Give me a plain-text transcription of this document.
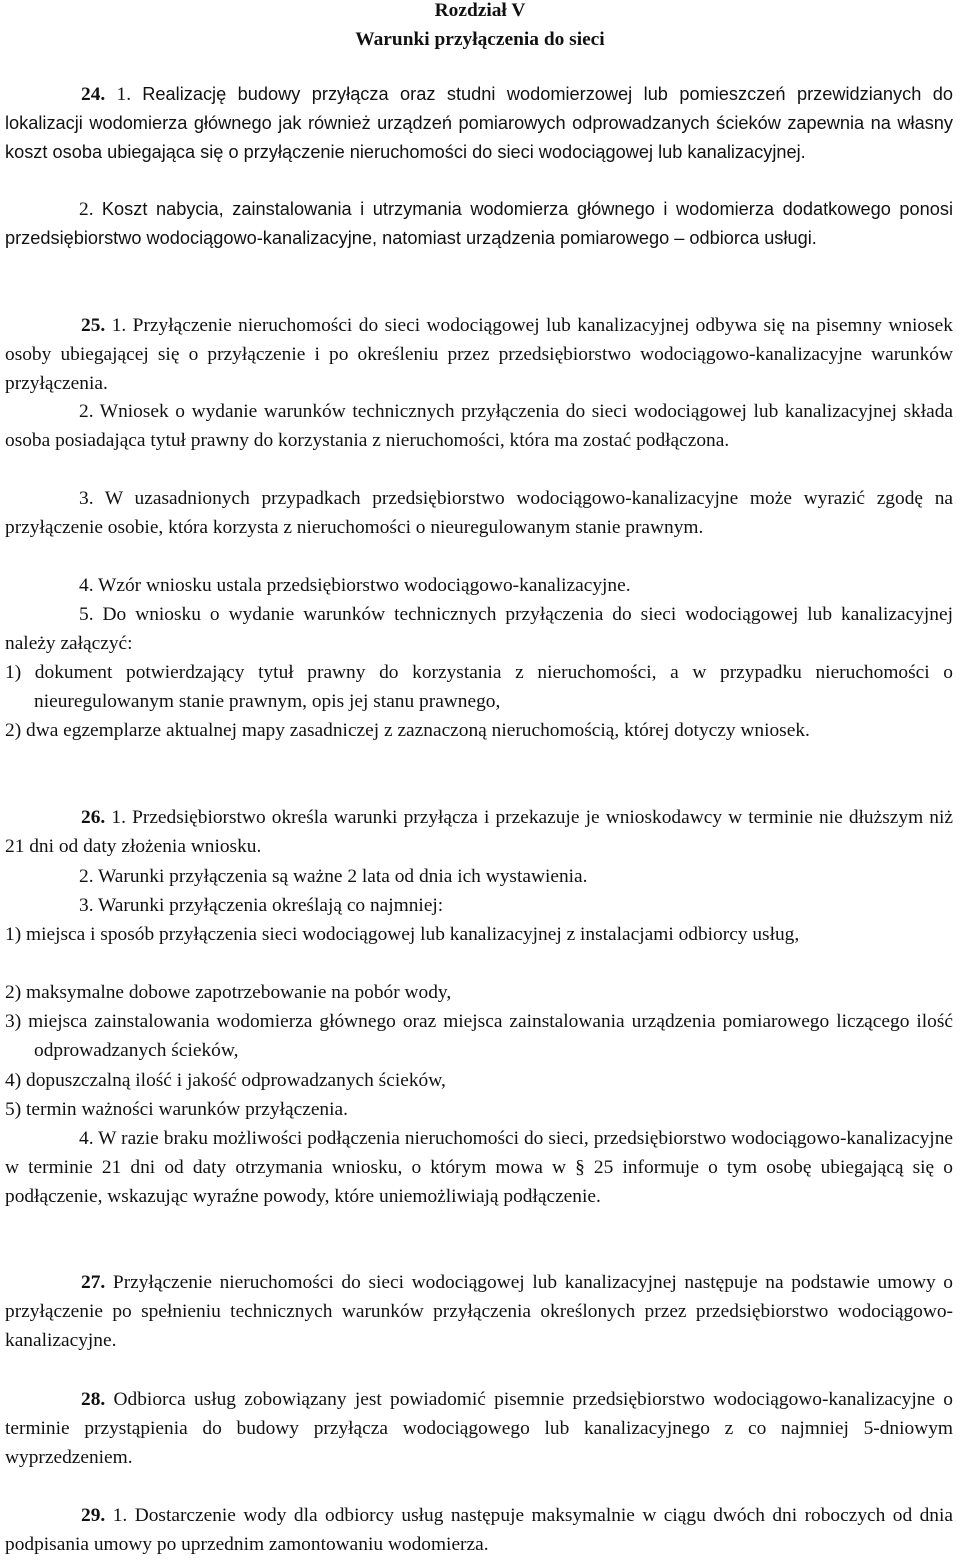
Rozdział V

Warunki przyłączenia do sieci

24. 1. Realizację budowy przyłącza oraz studni wodomierzowej lub pomieszczeń przewidzianych do lokalizacji wodomierza głównego jak również urządzeń pomiarowych odprowadzanych ścieków zapewnia na własny koszt osoba ubiegająca się o przyłączenie nieruchomości do sieci wodociągowej lub kanalizacyjnej.

2. Koszt nabycia, zainstalowania i utrzymania wodomierza głównego i wodomierza dodatkowego ponosi przedsiębiorstwo wodociągowo-kanalizacyjne, natomiast urządzenia pomiarowego – odbiorca usługi.

25. 1. Przyłączenie nieruchomości do sieci wodociągowej lub kanalizacyjnej odbywa się na pisemny wniosek osoby ubiegającej się o przyłączenie i po określeniu przez przedsiębiorstwo wodociągowo-kanalizacyjne warunków przyłączenia.

2. Wniosek o wydanie warunków technicznych przyłączenia do sieci wodociągowej lub kanalizacyjnej składa osoba posiadająca tytuł prawny do korzystania z nieruchomości, która ma zostać podłączona.

3. W uzasadnionych przypadkach przedsiębiorstwo wodociągowo-kanalizacyjne może wyrazić zgodę na przyłączenie osobie, która korzysta z nieruchomości o nieuregulowanym stanie prawnym.

4. Wzór wniosku ustala przedsiębiorstwo wodociągowo-kanalizacyjne.

5. Do wniosku o wydanie warunków technicznych przyłączenia do sieci wodociągowej lub kanalizacyjnej należy załączyć:

1) dokument potwierdzający tytuł prawny do korzystania z nieruchomości, a w przypadku nieruchomości o nieuregulowanym stanie prawnym, opis jej stanu prawnego,

2) dwa egzemplarze aktualnej mapy zasadniczej z zaznaczoną nieruchomością, której dotyczy wniosek.

26. 1. Przedsiębiorstwo określa warunki przyłącza i przekazuje je wnioskodawcy w terminie nie dłuższym niż 21 dni od daty złożenia wniosku.

2. Warunki przyłączenia są ważne 2 lata od dnia ich wystawienia.

3. Warunki przyłączenia określają co najmniej:

1) miejsca i sposób przyłączenia sieci wodociągowej lub kanalizacyjnej z instalacjami odbiorcy usług,

2) maksymalne dobowe zapotrzebowanie na pobór wody,

3) miejsca zainstalowania wodomierza głównego oraz miejsca zainstalowania urządzenia pomiarowego liczącego ilość odprowadzanych ścieków,

4) dopuszczalną ilość i jakość odprowadzanych ścieków,

5) termin ważności warunków przyłączenia.

4. W razie braku możliwości podłączenia nieruchomości do sieci, przedsiębiorstwo wodociągowo-kanalizacyjne w terminie 21 dni od daty otrzymania wniosku, o którym mowa w § 25 informuje o tym osobę ubiegającą się o podłączenie, wskazując wyraźne powody, które uniemożliwiają podłączenie.

27. Przyłączenie nieruchomości do sieci wodociągowej lub kanalizacyjnej następuje na podstawie umowy o przyłączenie po spełnieniu technicznych warunków przyłączenia określonych przez przedsiębiorstwo wodociągowo-kanalizacyjne.

28. Odbiorca usług zobowiązany jest powiadomić pisemnie przedsiębiorstwo wodociągowo-kanalizacyjne o terminie przystąpienia do budowy przyłącza wodociągowego lub kanalizacyjnego z co najmniej 5-dniowym wyprzedzeniem.

29. 1. Dostarczenie wody dla odbiorcy usług następuje maksymalnie w ciągu dwóch dni roboczych od dnia podpisania umowy po uprzednim zamontowaniu wodomierza.
